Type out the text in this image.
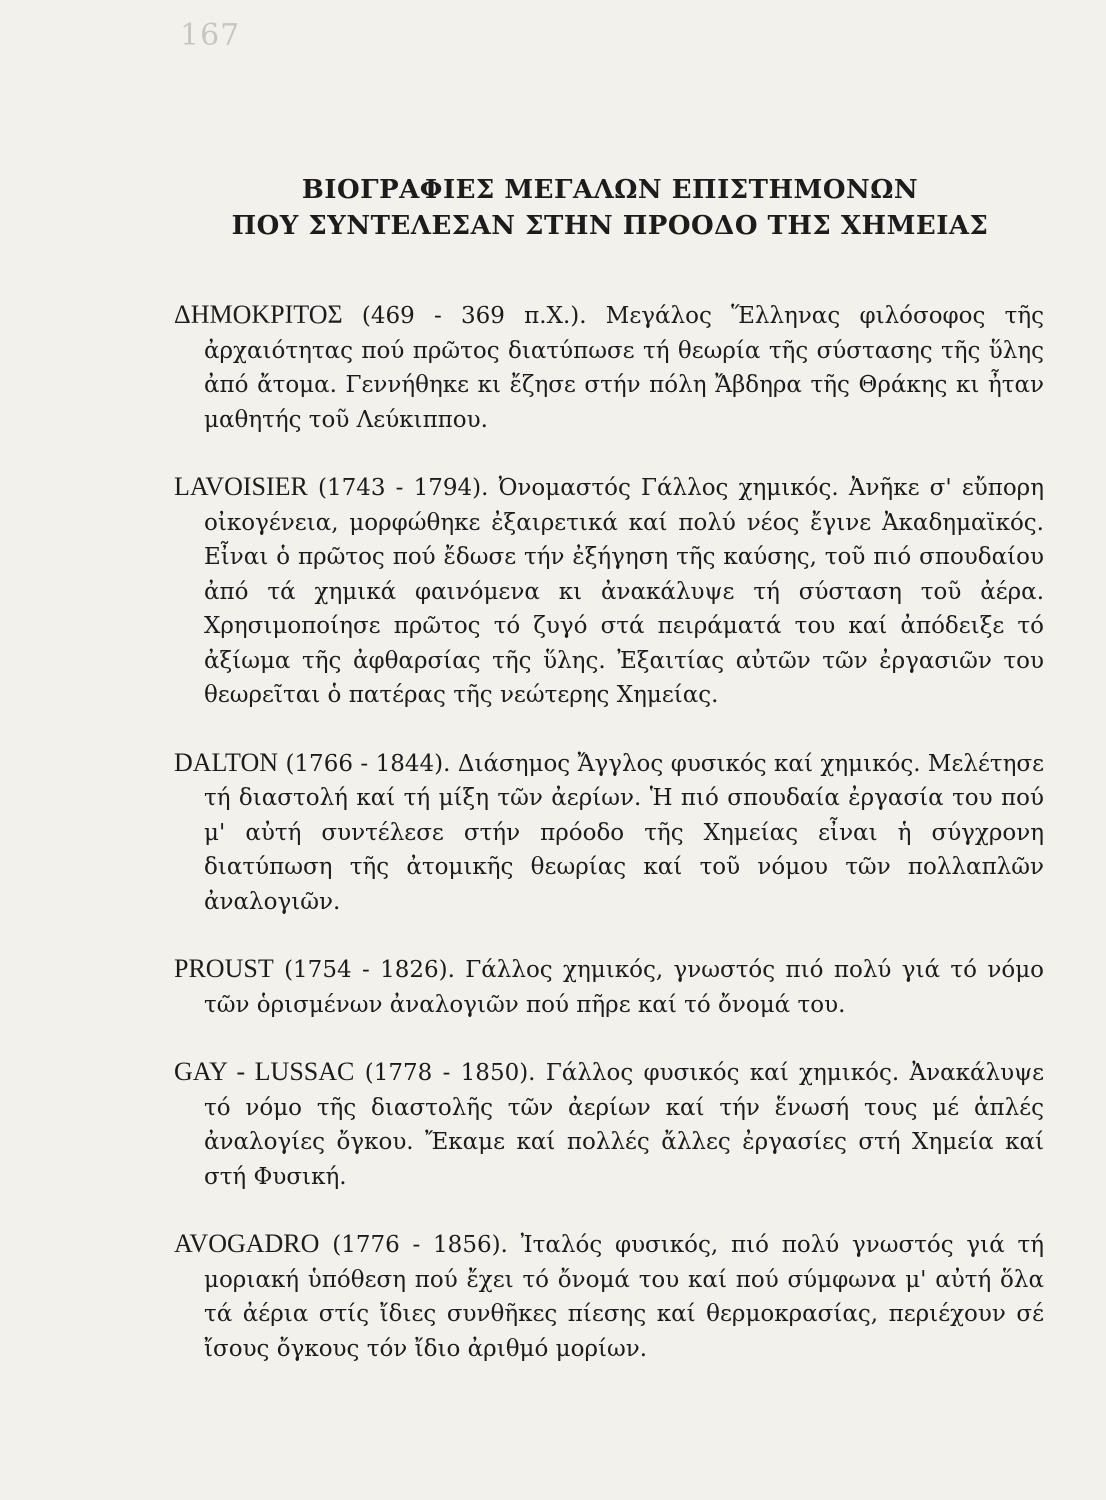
167
ΒΙΟΓΡΑΦΙΕΣ ΜΕΓΑΛΩΝ ΕΠΙΣΤΗΜΟΝΩΝ
ΠΟΥ ΣΥΝΤΕΛΕΣΑΝ ΣΤΗΝ ΠΡΟΟΔΟ ΤΗΣ ΧΗΜΕΙΑΣ
ΔΗΜΟΚΡΙΤΟΣ (469 - 369 π.Χ.). Μεγάλος Ἕλληνας φιλόσοφος τῆς ἀρχαιότητας πού πρῶτος διατύπωσε τή θεωρία τῆς σύστασης τῆς ὕλης ἀπό ἄτομα. Γεννήθηκε κι ἔζησε στήν πόλη Ἄβδηρα τῆς Θράκης κι ἦταν μαθητής τοῦ Λεύκιππου.
LAVOISIER (1743 - 1794). Ὀνομαστός Γάλλος χημικός. Ἀνῆκε σ' εὔπορη οἰκογένεια, μορφώθηκε ἐξαιρετικά καί πολύ νέος ἔγινε Ἀκαδημαϊκός. Εἶναι ὁ πρῶτος πού ἔδωσε τήν ἐξήγηση τῆς καύσης, τοῦ πιό σπουδαίου ἀπό τά χημικά φαινόμενα κι ἀνακάλυψε τή σύσταση τοῦ ἀέρα. Χρησιμοποίησε πρῶτος τό ζυγό στά πειράματά του καί ἀπόδειξε τό ἀξίωμα τῆς ἀφθαρσίας τῆς ὕλης. Ἐξαιτίας αὐτῶν τῶν ἐργασιῶν του θεωρεῖται ὁ πατέρας τῆς νεώτερης Χημείας.
DALTON (1766 - 1844). Διάσημος Ἄγγλος φυσικός καί χημικός. Μελέτησε τή διαστολή καί τή μίξη τῶν ἀερίων. Ἡ πιό σπουδαία ἐργασία του πού μ' αὐτή συντέλεσε στήν πρόοδο τῆς Χημείας εἶναι ἡ σύγχρονη διατύπωση τῆς ἀτομικῆς θεωρίας καί τοῦ νόμου τῶν πολλαπλῶν ἀναλογιῶν.
PROUST (1754 - 1826). Γάλλος χημικός, γνωστός πιό πολύ γιά τό νόμο τῶν ὁρισμένων ἀναλογιῶν πού πῆρε καί τό ὄνομά του.
GAY - LUSSAC (1778 - 1850). Γάλλος φυσικός καί χημικός. Ἀνακάλυψε τό νόμο τῆς διαστολῆς τῶν ἀερίων καί τήν ἕνωσή τους μέ ἁπλές ἀναλογίες ὄγκου. Ἔκαμε καί πολλές ἄλλες ἐργασίες στή Χημεία καί στή Φυσική.
AVOGADRO (1776 - 1856). Ἰταλός φυσικός, πιό πολύ γνωστός γιά τή μοριακή ὑπόθεση πού ἔχει τό ὄνομά του καί πού σύμφωνα μ' αὐτή ὅλα τά ἀέρια στίς ἴδιες συνθῆκες πίεσης καί θερμοκρασίας, περιέχουν σέ ἴσους ὄγκους τόν ἴδιο ἀριθμό μορίων.
